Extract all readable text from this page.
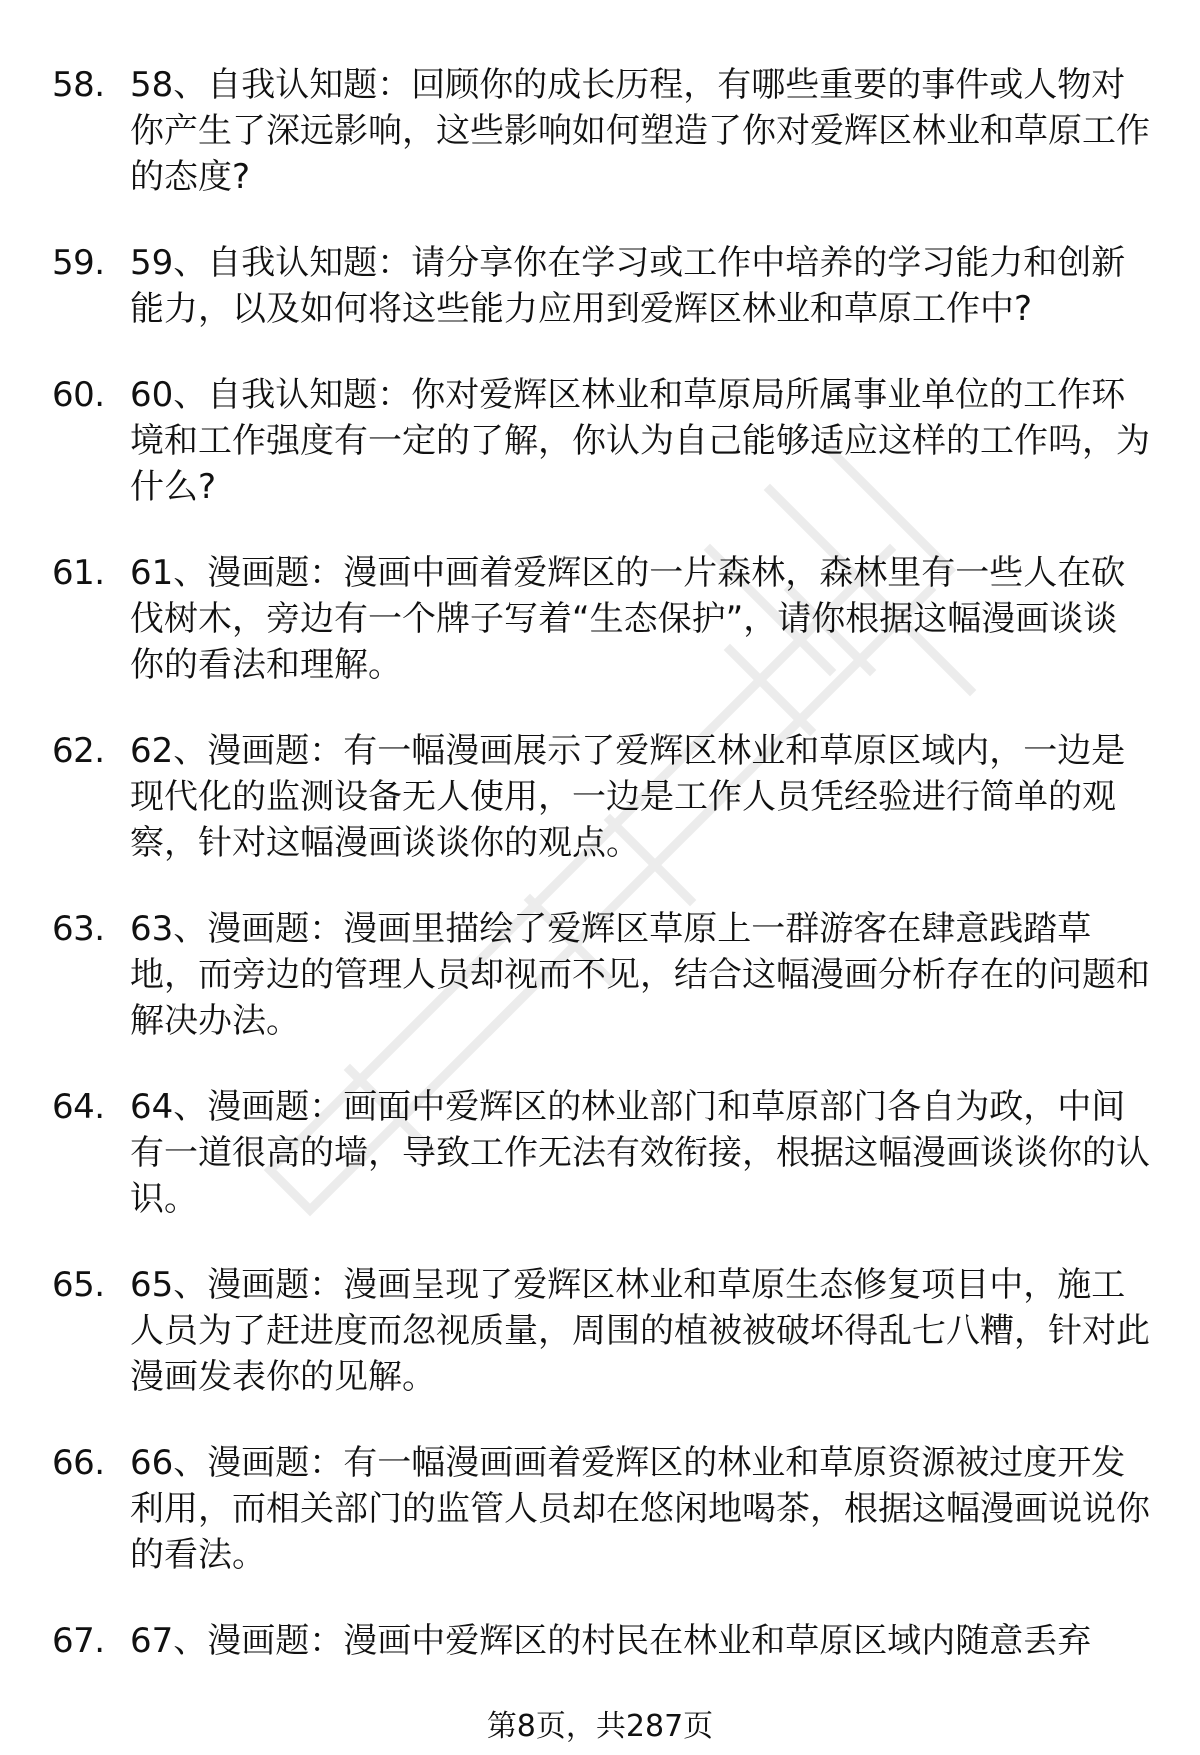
58. 58、自我认知题：回顾你的成长历程，有哪些重要的事件或人物对你产生了深远影响，这些影响如何塑造了你对爱辉区林业和草原工作的态度?
59. 59、自我认知题：请分享你在学习或工作中培养的学习能力和创新能力，以及如何将这些能力应用到爱辉区林业和草原工作中?
60. 60、自我认知题：你对爱辉区林业和草原局所属事业单位的工作环境和工作强度有一定的了解，你认为自己能够适应这样的工作吗，为什么?
61. 61、漫画题：漫画中画着爱辉区的一片森林，森林里有一些人在砍伐树木，旁边有一个牌子写着“生态保护”，请你根据这幅漫画谈谈你的看法和理解。
62. 62、漫画题：有一幅漫画展示了爱辉区林业和草原区域内，一边是现代化的监测设备无人使用，一边是工作人员凭经验进行简单的观察，针对这幅漫画谈谈你的观点。
63. 63、漫画题：漫画里描绘了爱辉区草原上一群游客在肆意践踏草地，而旁边的管理人员却视而不见，结合这幅漫画分析存在的问题和解决办法。
64. 64、漫画题：画面中爱辉区的林业部门和草原部门各自为政，中间有一道很高的墙，导致工作无法有效衔接，根据这幅漫画谈谈你的认识。
65. 65、漫画题：漫画呈现了爱辉区林业和草原生态修复项目中，施工人员为了赶进度而忽视质量，周围的植被被破坏得乱七八糟，针对此漫画发表你的见解。
66. 66、漫画题：有一幅漫画画着爱辉区的林业和草原资源被过度开发利用，而相关部门的监管人员却在悠闲地喝茶，根据这幅漫画说说你的看法。
67. 67、漫画题：漫画中爱辉区的村民在林业和草原区域内随意丢弃
第8页，共287页
